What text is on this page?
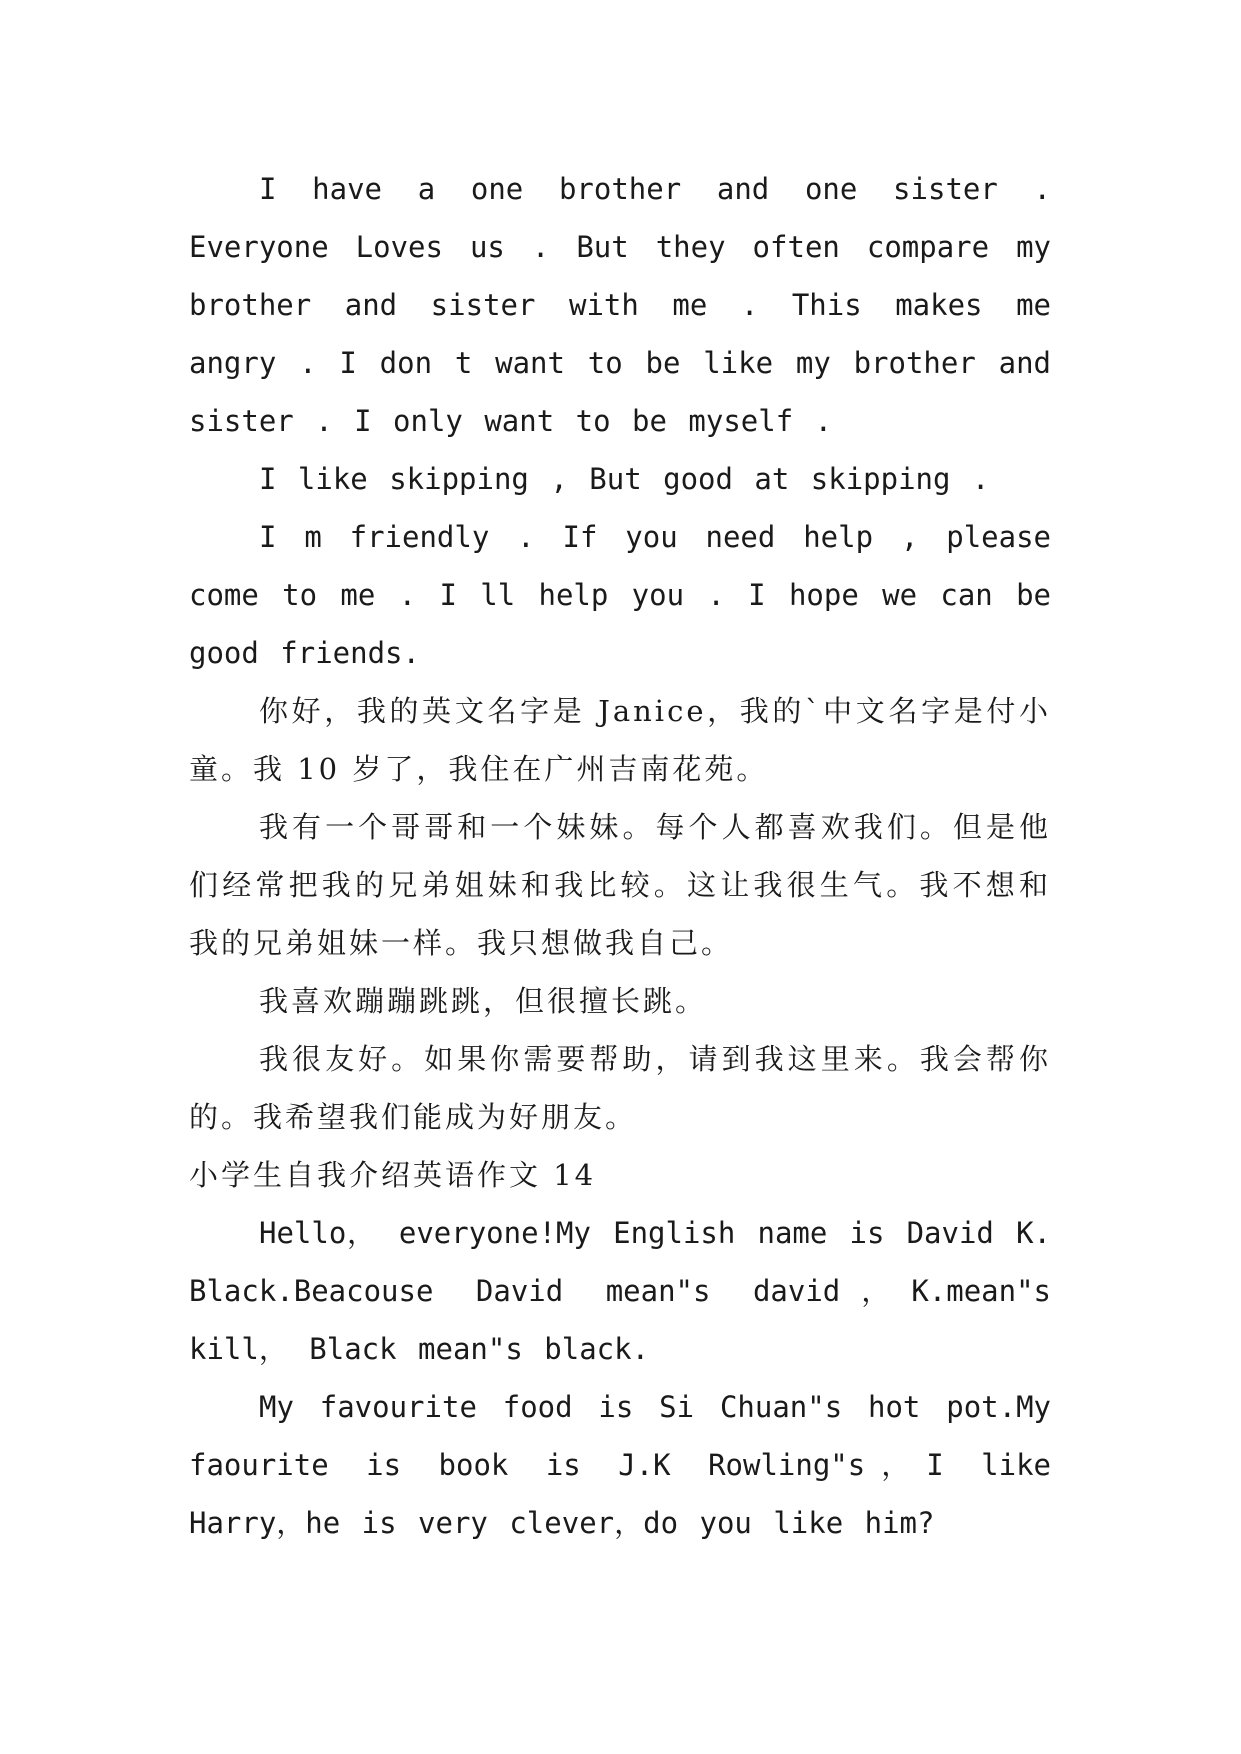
I have a one brother and one sister . Everyone Loves us . But they often compare my brother and sister with me . This makes me angry . I don t want to be like my brother and sister . I only want to be myself .

I like skipping , But good at skipping .

I m friendly . If you need help , please come to me . I ll help you . I hope we can be good friends.

你好，我的英文名字是 Janice，我的`中文名字是付小童。我 10 岁了，我住在广州吉南花苑。

我有一个哥哥和一个妹妹。每个人都喜欢我们。但是他们经常把我的兄弟姐妹和我比较。这让我很生气。我不想和我的兄弟姐妹一样。我只想做我自己。

我喜欢蹦蹦跳跳，但很擅长跳。

我很友好。如果你需要帮助，请到我这里来。我会帮你的。我希望我们能成为好朋友。

小学生自我介绍英语作文 14

Hello， everyone!My English name is David K. Black.Beacouse David mean"s david，K.mean"s kill， Black mean"s black.

My favourite food is Si Chuan"s hot pot.My faourite is book is J.K Rowling"s，I like Harry，he is very clever，do you like him?
